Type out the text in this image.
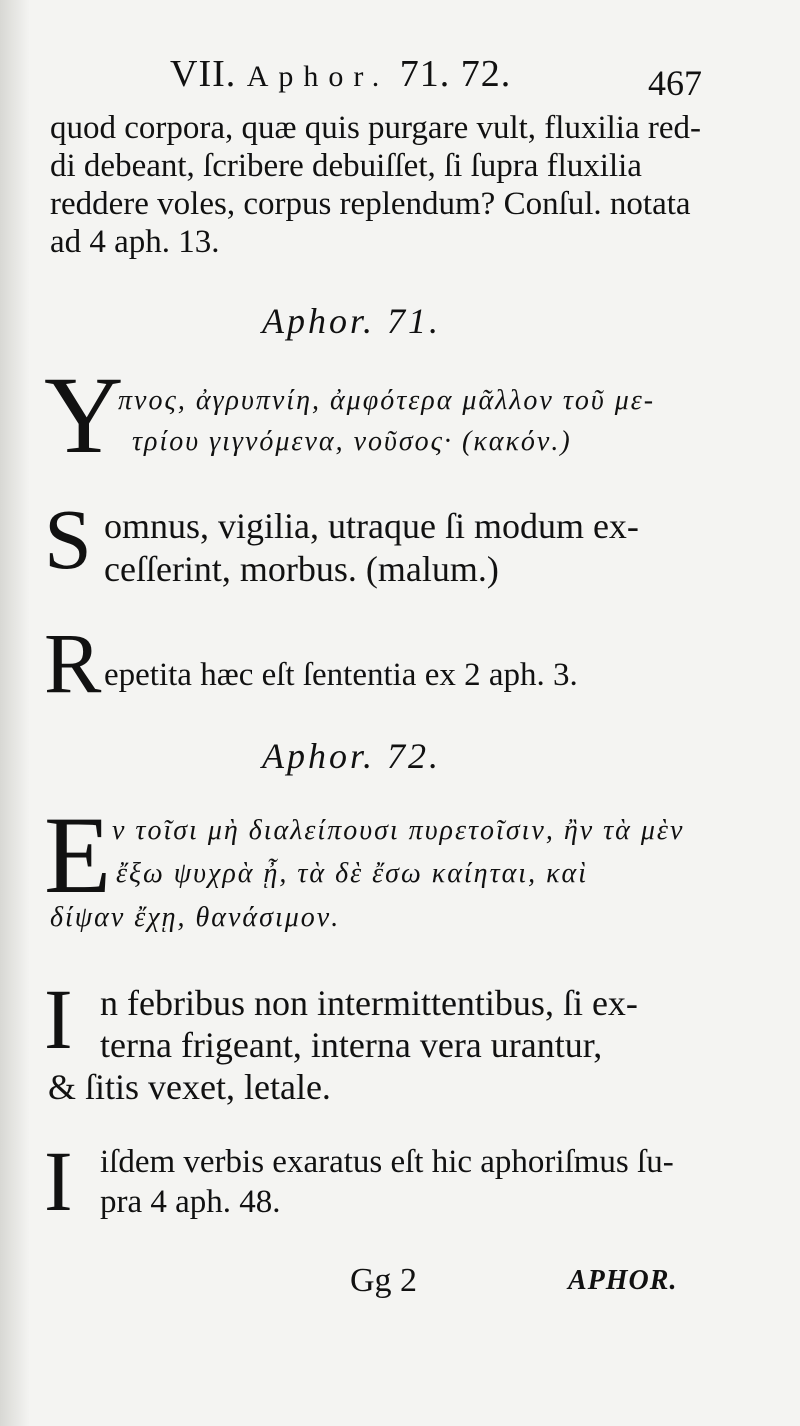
VII. Aphor. 71. 72.	467
quod corpora, quæ quis purgare vult, fluxilia red-
di debeant, ſcribere debuiſſet, ſi ſupra fluxilia
reddere voles, corpus replendum? Conſul. notata
ad 4 aph. 13.
Aphor. 71.
Υ
πνος, ἀγρυπνίη, ἀμφότερα μᾶλλον τοῦ με-
τρίου γιγνόμενα, νοῦσος· (κακόν.)
S omnus, vigilia, utraque ſi modum ex-
ceſſerint, morbus. (malum.)
R epetita hæc eſt ſententia ex 2 aph. 3.
Aphor. 72.
E ν τοῖσι μὴ διαλείπουσι πυρετοῖσιν, ἢν τὰ μὲν
ἔξω ψυχρὰ ᾖ, τὰ δὲ ἔσω καίηται, καὶ
δίψαν ἔχῃ, θανάσιμον.
I n febribus non intermittentibus, ſi ex-
terna frigeant, interna vera urantur,
& ſitis vexet, letale.
I iſdem verbis exaratus eſt hic aphoriſmus ſu-
pra 4 aph. 48.
Gg 2	APHOR.
